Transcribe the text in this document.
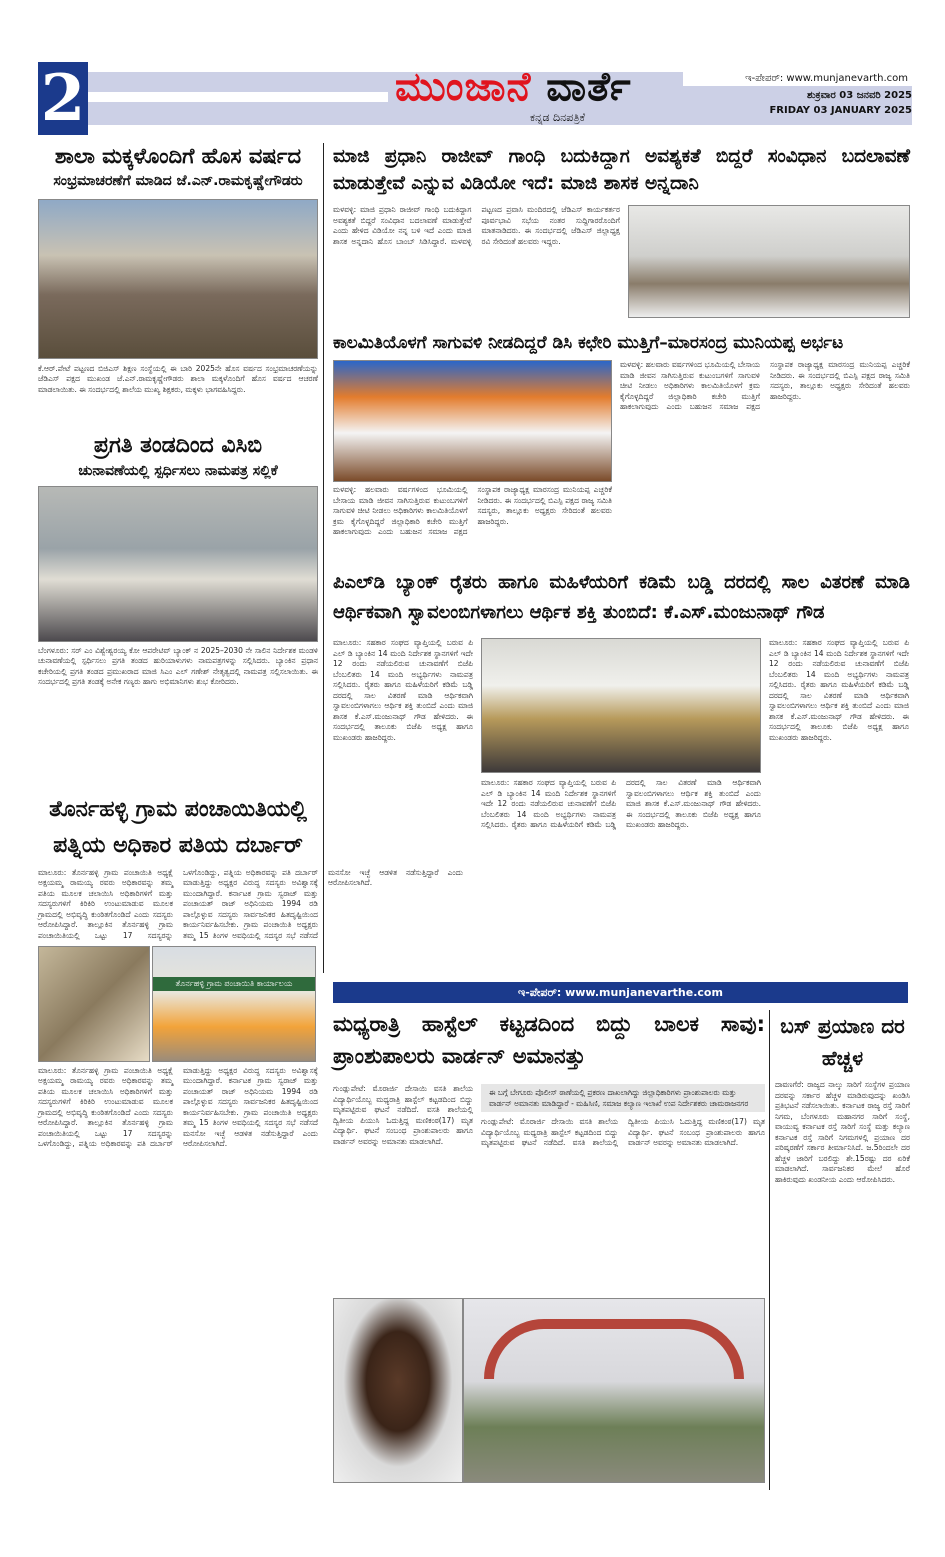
2	ಮುಂಜಾನೆ ವಾರ್ತೆ
ಕನ್ನಡ ದಿನಪತ್ರಿಕೆ
ಇ-ಪೇಪರ್: www.munjanevarth.com
ಶುಕ್ರವಾರ 03 ಜನವರಿ 2025
FRIDAY 03 JANUARY 2025
ಶಾಲಾ ಮಕ್ಕಳೊಂದಿಗೆ ಹೊಸ ವರ್ಷದ
ಸಂಭ್ರಮಾಚರಣೆಗೆ ಮಾಡಿದ ಜೆ.ಎನ್.ರಾಮಕೃಷ್ಣೇಗೌಡರು
ಕೆ.ಆರ್.ಪೇಟೆ ಪಟ್ಟಣದ ಬಿಜಿಎಸ್ ಶಿಕ್ಷಣ ಸಂಸ್ಥೆಯಲ್ಲಿ ಈ ಬಾರಿ 2025ನೇ ಹೊಸ ವರ್ಷದ ಸಂಭ್ರಮಾಚರಣೆಯನ್ನು ಜೆಡಿಎಸ್ ಪಕ್ಷದ ಮುಖಂಡ ಜೆ.ಎನ್.ರಾಮಕೃಷ್ಣೇಗೌಡರು ಶಾಲಾ ಮಕ್ಕಳೊಂದಿಗೆ ಹೊಸ ವರ್ಷದ ಆಚರಣೆ ಮಾಡಲಾಯಿತು. ಈ ಸಂದರ್ಭದಲ್ಲಿ ಶಾಲೆಯ ಮುಖ್ಯ ಶಿಕ್ಷಕರು, ಮಕ್ಕಳು ಭಾಗವಹಿಸಿದ್ದರು.
ಪ್ರಗತಿ ತಂಡದಿಂದ ವಿಸಿಬಿ
ಚುನಾವಣೆಯಲ್ಲಿ ಸ್ಪರ್ಧಿಸಲು ನಾಮಪತ್ರ ಸಲ್ಲಿಕೆ
ಬೆಂಗಳೂರು: ಸರ್ ಎಂ ವಿಶ್ವೇಶ್ವರಯ್ಯ ಕೋ ಆಪರೇಟಿವ್ ಬ್ಯಾಂಕ್ ನ 2025–2030 ನೇ ಸಾಲಿನ ನಿರ್ದೇಶಕ ಮಂಡಳಿ ಚುನಾವಣೆಯಲ್ಲಿ ಸ್ಪರ್ಧಿಸಲು ಪ್ರಗತಿ ತಂಡದ ಹುರಿಯಾಳುಗಳು ನಾಮಪತ್ರಗಳನ್ನು ಸಲ್ಲಿಸಿದರು. ಬ್ಯಾಂಕಿನ ಪ್ರಧಾನ ಕಚೇರಿಯಲ್ಲಿ ಪ್ರಗತಿ ತಂಡದ ಪ್ರಮುಖರಾದ ಮಾಜಿ ಸಿಎಂ ಎಲ್ ಗಣೇಶ್ ನೇತೃತ್ವದಲ್ಲಿ ನಾಮಪತ್ರ ಸಲ್ಲಿಸಲಾಯಿತು. ಈ ಸಂದರ್ಭದಲ್ಲಿ ಪ್ರಗತಿ ತಂಡಕ್ಕೆ ಅನೇಕ ಗಣ್ಯರು ಹಾಗು ಅಭಿಮಾನಿಗಳು ಶುಭ ಕೋರಿದರು.
ತೊರ್ನಹಳ್ಳಿ ಗ್ರಾಮ ಪಂಚಾಯಿತಿಯಲ್ಲಿ ಪತ್ನಿಯ ಅಧಿಕಾರ ಪತಿಯ ದರ್ಬಾರ್
ಮಾಲೂರು: ತೊರ್ನಹಳ್ಳಿ ಗ್ರಾಮ ಪಂಚಾಯಿತಿ ಅಧ್ಯಕ್ಷೆ ಅಕ್ಷಯಮ್ಮ ರಾಮಯ್ಯ ರವರು ಅಧಿಕಾರವನ್ನು ತಮ್ಮ ಪತಿಯ ಮೂಲಕ ಚಲಾಯಿಸಿ ಅಧಿಕಾರಿಗಳಿಗೆ ಮತ್ತು ಸದಸ್ಯರುಗಳಿಗೆ ಕಿರಿಕಿರಿ ಉಂಟುಮಾಡುವ ಮೂಲಕ ಗ್ರಾಮದಲ್ಲಿ ಅಭಿವೃದ್ಧಿ ಕುಂಠಿತಗೊಂಡಿದೆ ಎಂದು ಸದಸ್ಯರು ಆರೋಪಿಸಿದ್ದಾರೆ. ತಾಲ್ಲೂಕಿನ ತೊರ್ನಹಳ್ಳಿ ಗ್ರಾಮ ಪಂಚಾಯಿತಿಯಲ್ಲಿ ಒಟ್ಟು 17 ಸದಸ್ಯರನ್ನು ಒಳಗೊಂಡಿದ್ದು, ಪತ್ನಿಯ ಅಧಿಕಾರವನ್ನು ಪತಿ ದರ್ಬಾರ್ ಮಾಡುತ್ತಿದ್ದು ಅಧ್ಯಕ್ಷರ ವಿರುದ್ಧ ಸದಸ್ಯರು ಅವಿಶ್ವಾಸಕ್ಕೆ ಮುಂದಾಗಿದ್ದಾರೆ. ಕರ್ನಾಟಕ ಗ್ರಾಮ ಸ್ವರಾಜ್ ಮತ್ತು ಪಂಚಾಯತ್ ರಾಜ್ ಅಧಿನಿಯಮ 1994 ರಡಿ ಪಾಲ್ಗೊಳ್ಳುವ ಸದಸ್ಯರು ಸಾರ್ವಜನಿಕರ ಹಿತದೃಷ್ಟಿಯಿಂದ ಕಾರ್ಯನಿರ್ವಹಿಸಬೇಕು. ಗ್ರಾಮ ಪಂಚಾಯಿತಿ ಅಧ್ಯಕ್ಷರು ತಮ್ಮ 15 ತಿಂಗಳ ಅವಧಿಯಲ್ಲಿ ಸದಸ್ಯರ ಸಭೆ ನಡೆಸದೆ ಮನಸೋ ಇಚ್ಛೆ ಆಡಳಿತ ನಡೆಸುತ್ತಿದ್ದಾರೆ ಎಂದು ಆರೋಪಿಸಲಾಗಿದೆ.
ತೊರ್ನಹಳ್ಳಿ ಗ್ರಾಮ ಪಂಚಾಯಿತಿ ಕಾರ್ಯಾಲಯ
ಮಾಲೂರು: ತೊರ್ನಹಳ್ಳಿ ಗ್ರಾಮ ಪಂಚಾಯಿತಿ ಅಧ್ಯಕ್ಷೆ ಅಕ್ಷಯಮ್ಮ ರಾಮಯ್ಯ ರವರು ಅಧಿಕಾರವನ್ನು ತಮ್ಮ ಪತಿಯ ಮೂಲಕ ಚಲಾಯಿಸಿ ಅಧಿಕಾರಿಗಳಿಗೆ ಮತ್ತು ಸದಸ್ಯರುಗಳಿಗೆ ಕಿರಿಕಿರಿ ಉಂಟುಮಾಡುವ ಮೂಲಕ ಗ್ರಾಮದಲ್ಲಿ ಅಭಿವೃದ್ಧಿ ಕುಂಠಿತಗೊಂಡಿದೆ ಎಂದು ಸದಸ್ಯರು ಆರೋಪಿಸಿದ್ದಾರೆ. ತಾಲ್ಲೂಕಿನ ತೊರ್ನಹಳ್ಳಿ ಗ್ರಾಮ ಪಂಚಾಯಿತಿಯಲ್ಲಿ ಒಟ್ಟು 17 ಸದಸ್ಯರನ್ನು ಒಳಗೊಂಡಿದ್ದು, ಪತ್ನಿಯ ಅಧಿಕಾರವನ್ನು ಪತಿ ದರ್ಬಾರ್ ಮಾಡುತ್ತಿದ್ದು ಅಧ್ಯಕ್ಷರ ವಿರುದ್ಧ ಸದಸ್ಯರು ಅವಿಶ್ವಾಸಕ್ಕೆ ಮುಂದಾಗಿದ್ದಾರೆ. ಕರ್ನಾಟಕ ಗ್ರಾಮ ಸ್ವರಾಜ್ ಮತ್ತು ಪಂಚಾಯತ್ ರಾಜ್ ಅಧಿನಿಯಮ 1994 ರಡಿ ಪಾಲ್ಗೊಳ್ಳುವ ಸದಸ್ಯರು ಸಾರ್ವಜನಿಕರ ಹಿತದೃಷ್ಟಿಯಿಂದ ಕಾರ್ಯನಿರ್ವಹಿಸಬೇಕು. ಗ್ರಾಮ ಪಂಚಾಯಿತಿ ಅಧ್ಯಕ್ಷರು ತಮ್ಮ 15 ತಿಂಗಳ ಅವಧಿಯಲ್ಲಿ ಸದಸ್ಯರ ಸಭೆ ನಡೆಸದೆ ಮನಸೋ ಇಚ್ಛೆ ಆಡಳಿತ ನಡೆಸುತ್ತಿದ್ದಾರೆ ಎಂದು ಆರೋಪಿಸಲಾಗಿದೆ.
ಮಾಜಿ ಪ್ರಧಾನಿ ರಾಜೀವ್ ಗಾಂಧಿ ಬದುಕಿದ್ದಾಗ ಅವಶ್ಯಕತೆ ಬಿದ್ದರೆ ಸಂವಿಧಾನ ಬದಲಾವಣೆ ಮಾಡುತ್ತೇವೆ ಎನ್ನುವ ವಿಡಿಯೋ ಇದೆ: ಮಾಜಿ ಶಾಸಕ ಅನ್ನದಾನಿ
ಮಳವಳ್ಳಿ: ಮಾಜಿ ಪ್ರಧಾನಿ ರಾಜೀವ್ ಗಾಂಧಿ ಬದುಕಿದ್ದಾಗ ಅವಶ್ಯಕತೆ ಬಿದ್ದರೆ ಸಂವಿಧಾನ ಬದಲಾವಣೆ ಮಾಡುತ್ತೇವೆ ಎಂದು ಹೇಳಿದ ವಿಡಿಯೋ ನನ್ನ ಬಳಿ ಇದೆ ಎಂದು ಮಾಜಿ ಶಾಸಕ ಅನ್ನದಾನಿ ಹೊಸ ಬಾಂಬ್ ಸಿಡಿಸಿದ್ದಾರೆ. ಮಳವಳ್ಳಿ ಪಟ್ಟಣದ ಪ್ರವಾಸಿ ಮಂದಿರದಲ್ಲಿ ಜೆಡಿಎಸ್ ಕಾರ್ಯಕರ್ತರ ಪೂರ್ವಭಾವಿ ಸಭೆಯ ನಂತರ ಸುದ್ದಿಗಾರರೊಂದಿಗೆ ಮಾತನಾಡಿದರು. ಈ ಸಂದರ್ಭದಲ್ಲಿ ಜೆಡಿಎಸ್ ಜಿಲ್ಲಾಧ್ಯಕ್ಷ ರವಿ ಸೇರಿದಂತೆ ಹಲವರು ಇದ್ದರು.
ಕಾಲಮಿತಿಯೊಳಗೆ ಸಾಗುವಳಿ ನೀಡದಿದ್ದರೆ ಡಿಸಿ ಕಛೇರಿ ಮುತ್ತಿಗೆ–ಮಾರಸಂದ್ರ ಮುನಿಯಪ್ಪ ಅರ್ಭಟ
ಮಳವಳ್ಳಿ: ಹಲವಾರು ವರ್ಷಗಳಿಂದ ಭೂಮಿಯಲ್ಲಿ ಬೇಸಾಯ ಮಾಡಿ ಜೀವನ ಸಾಗಿಸುತ್ತಿರುವ ಕುಟುಂಬಗಳಿಗೆ ಸಾಗುವಳಿ ಚೀಟಿ ನೀಡಲು ಅಧಿಕಾರಿಗಳು ಕಾಲಮಿತಿಯೊಳಗೆ ಕ್ರಮ ಕೈಗೊಳ್ಳದಿದ್ದರೆ ಜಿಲ್ಲಾಧಿಕಾರಿ ಕಚೇರಿ ಮುತ್ತಿಗೆ ಹಾಕಲಾಗುವುದು ಎಂದು ಬಹುಜನ ಸಮಾಜ ಪಕ್ಷದ ಸಂಸ್ಥಾಪಕ ರಾಜ್ಯಾಧ್ಯಕ್ಷ ಮಾರಸಂದ್ರ ಮುನಿಯಪ್ಪ ಎಚ್ಚರಿಕೆ ನೀಡಿದರು. ಈ ಸಂದರ್ಭದಲ್ಲಿ ಬಿಎಸ್ಪಿ ಪಕ್ಷದ ರಾಜ್ಯ ಸಮಿತಿ ಸದಸ್ಯರು, ತಾಲ್ಲೂಕು ಅಧ್ಯಕ್ಷರು ಸೇರಿದಂತೆ ಹಲವರು ಹಾಜರಿದ್ದರು.
ಮಳವಳ್ಳಿ: ಹಲವಾರು ವರ್ಷಗಳಿಂದ ಭೂಮಿಯಲ್ಲಿ ಬೇಸಾಯ ಮಾಡಿ ಜೀವನ ಸಾಗಿಸುತ್ತಿರುವ ಕುಟುಂಬಗಳಿಗೆ ಸಾಗುವಳಿ ಚೀಟಿ ನೀಡಲು ಅಧಿಕಾರಿಗಳು ಕಾಲಮಿತಿಯೊಳಗೆ ಕ್ರಮ ಕೈಗೊಳ್ಳದಿದ್ದರೆ ಜಿಲ್ಲಾಧಿಕಾರಿ ಕಚೇರಿ ಮುತ್ತಿಗೆ ಹಾಕಲಾಗುವುದು ಎಂದು ಬಹುಜನ ಸಮಾಜ ಪಕ್ಷದ ಸಂಸ್ಥಾಪಕ ರಾಜ್ಯಾಧ್ಯಕ್ಷ ಮಾರಸಂದ್ರ ಮುನಿಯಪ್ಪ ಎಚ್ಚರಿಕೆ ನೀಡಿದರು. ಈ ಸಂದರ್ಭದಲ್ಲಿ ಬಿಎಸ್ಪಿ ಪಕ್ಷದ ರಾಜ್ಯ ಸಮಿತಿ ಸದಸ್ಯರು, ತಾಲ್ಲೂಕು ಅಧ್ಯಕ್ಷರು ಸೇರಿದಂತೆ ಹಲವರು ಹಾಜರಿದ್ದರು.
ಪಿಎಲ್‌ಡಿ ಬ್ಯಾಂಕ್ ರೈತರು ಹಾಗೂ ಮಹಿಳೆಯರಿಗೆ ಕಡಿಮೆ ಬಡ್ಡಿ ದರದಲ್ಲಿ ಸಾಲ ವಿತರಣೆ ಮಾಡಿ ಆರ್ಥಿಕವಾಗಿ ಸ್ವಾವಲಂಬಿಗಳಾಗಲು ಆರ್ಥಿಕ ಶಕ್ತಿ ತುಂಬಿದೆ: ಕೆ.ಎಸ್.ಮಂಜುನಾಥ್ ಗೌಡ
ಮಾಲೂರು: ಸಹಕಾರ ಸಂಘದ ವ್ಯಾಪ್ತಿಯಲ್ಲಿ ಬರುವ ಪಿ ಎಲ್ ಡಿ ಬ್ಯಾಂಕಿನ 14 ಮಂದಿ ನಿರ್ದೇಶಕ ಸ್ಥಾನಗಳಿಗೆ ಇದೇ 12 ರಂದು ನಡೆಯಲಿರುವ ಚುನಾವಣೆಗೆ ಬಿಜೆಪಿ ಬೆಂಬಲಿತರು 14 ಮಂದಿ ಅಭ್ಯರ್ಥಿಗಳು ನಾಮಪತ್ರ ಸಲ್ಲಿಸಿದರು. ರೈತರು ಹಾಗೂ ಮಹಿಳೆಯರಿಗೆ ಕಡಿಮೆ ಬಡ್ಡಿ ದರದಲ್ಲಿ ಸಾಲ ವಿತರಣೆ ಮಾಡಿ ಆರ್ಥಿಕವಾಗಿ ಸ್ವಾವಲಂಬಿಗಳಾಗಲು ಆರ್ಥಿಕ ಶಕ್ತಿ ತುಂಬಿದೆ ಎಂದು ಮಾಜಿ ಶಾಸಕ ಕೆ.ಎಸ್.ಮಂಜುನಾಥ್ ಗೌಡ ಹೇಳಿದರು. ಈ ಸಂದರ್ಭದಲ್ಲಿ ತಾಲೂಕು ಬಿಜೆಪಿ ಅಧ್ಯಕ್ಷ ಹಾಗೂ ಮುಖಂಡರು ಹಾಜರಿದ್ದರು.
ಮಾಲೂರು: ಸಹಕಾರ ಸಂಘದ ವ್ಯಾಪ್ತಿಯಲ್ಲಿ ಬರುವ ಪಿ ಎಲ್ ಡಿ ಬ್ಯಾಂಕಿನ 14 ಮಂದಿ ನಿರ್ದೇಶಕ ಸ್ಥಾನಗಳಿಗೆ ಇದೇ 12 ರಂದು ನಡೆಯಲಿರುವ ಚುನಾವಣೆಗೆ ಬಿಜೆಪಿ ಬೆಂಬಲಿತರು 14 ಮಂದಿ ಅಭ್ಯರ್ಥಿಗಳು ನಾಮಪತ್ರ ಸಲ್ಲಿಸಿದರು. ರೈತರು ಹಾಗೂ ಮಹಿಳೆಯರಿಗೆ ಕಡಿಮೆ ಬಡ್ಡಿ ದರದಲ್ಲಿ ಸಾಲ ವಿತರಣೆ ಮಾಡಿ ಆರ್ಥಿಕವಾಗಿ ಸ್ವಾವಲಂಬಿಗಳಾಗಲು ಆರ್ಥಿಕ ಶಕ್ತಿ ತುಂಬಿದೆ ಎಂದು ಮಾಜಿ ಶಾಸಕ ಕೆ.ಎಸ್.ಮಂಜುನಾಥ್ ಗೌಡ ಹೇಳಿದರು. ಈ ಸಂದರ್ಭದಲ್ಲಿ ತಾಲೂಕು ಬಿಜೆಪಿ ಅಧ್ಯಕ್ಷ ಹಾಗೂ ಮುಖಂಡರು ಹಾಜರಿದ್ದರು.
ಮಾಲೂರು: ಸಹಕಾರ ಸಂಘದ ವ್ಯಾಪ್ತಿಯಲ್ಲಿ ಬರುವ ಪಿ ಎಲ್ ಡಿ ಬ್ಯಾಂಕಿನ 14 ಮಂದಿ ನಿರ್ದೇಶಕ ಸ್ಥಾನಗಳಿಗೆ ಇದೇ 12 ರಂದು ನಡೆಯಲಿರುವ ಚುನಾವಣೆಗೆ ಬಿಜೆಪಿ ಬೆಂಬಲಿತರು 14 ಮಂದಿ ಅಭ್ಯರ್ಥಿಗಳು ನಾಮಪತ್ರ ಸಲ್ಲಿಸಿದರು. ರೈತರು ಹಾಗೂ ಮಹಿಳೆಯರಿಗೆ ಕಡಿಮೆ ಬಡ್ಡಿ ದರದಲ್ಲಿ ಸಾಲ ವಿತರಣೆ ಮಾಡಿ ಆರ್ಥಿಕವಾಗಿ ಸ್ವಾವಲಂಬಿಗಳಾಗಲು ಆರ್ಥಿಕ ಶಕ್ತಿ ತುಂಬಿದೆ ಎಂದು ಮಾಜಿ ಶಾಸಕ ಕೆ.ಎಸ್.ಮಂಜುನಾಥ್ ಗೌಡ ಹೇಳಿದರು. ಈ ಸಂದರ್ಭದಲ್ಲಿ ತಾಲೂಕು ಬಿಜೆಪಿ ಅಧ್ಯಕ್ಷ ಹಾಗೂ ಮುಖಂಡರು ಹಾಜರಿದ್ದರು.
ಇ-ಪೇಪರ್: www.munjanevarthe.com
ಮಧ್ಯರಾತ್ರಿ ಹಾಸ್ಟೆಲ್ ಕಟ್ಟಡದಿಂದ ಬಿದ್ದು ಬಾಲಕ ಸಾವು: ಪ್ರಾಂಶುಪಾಲರು ವಾರ್ಡನ್ ಅಮಾನತ್ತು
ಗುಂಡ್ಲುಪೇಟೆ: ಮೊರಾರ್ಜಿ ದೇಸಾಯಿ ವಸತಿ ಶಾಲೆಯ ವಿದ್ಯಾರ್ಥಿಯೊಬ್ಬ ಮಧ್ಯರಾತ್ರಿ ಹಾಸ್ಟೆಲ್ ಕಟ್ಟಡದಿಂದ ಬಿದ್ದು ಮೃತಪಟ್ಟಿರುವ ಘಟನೆ ನಡೆದಿದೆ. ವಸತಿ ಶಾಲೆಯಲ್ಲಿ ದ್ವಿತೀಯ ಪಿಯುಸಿ ಓದುತ್ತಿದ್ದ ಮಣಿಕಂಠ(17) ಮೃತ ವಿದ್ಯಾರ್ಥಿ. ಘಟನೆ ಸಂಬಂಧ ಪ್ರಾಂಶುಪಾಲರು ಹಾಗೂ ವಾರ್ಡನ್ ಅವರನ್ನು ಅಮಾನತು ಮಾಡಲಾಗಿದೆ.
ಈ ಬಗ್ಗೆ ಬೇಗೂರು ಪೊಲೀಸ್ ಠಾಣೆಯಲ್ಲಿ ಪ್ರಕರಣ ದಾಖಲಾಗಿದ್ದು ಜಿಲ್ಲಾಧಿಕಾರಿಗಳು ಪ್ರಾಂಶುಪಾಲರು ಮತ್ತು ವಾರ್ಡನ್ ಅಮಾನತು ಮಾಡಿದ್ದಾರೆ - ಮಹಿಸಿಣಿ, ಸಮಾಜ ಕಲ್ಯಾಣ ಇಲಾಖೆ ಉಪ ನಿರ್ದೇಶಕರು ಚಾಮರಾಜನಗರ
ಗುಂಡ್ಲುಪೇಟೆ: ಮೊರಾರ್ಜಿ ದೇಸಾಯಿ ವಸತಿ ಶಾಲೆಯ ವಿದ್ಯಾರ್ಥಿಯೊಬ್ಬ ಮಧ್ಯರಾತ್ರಿ ಹಾಸ್ಟೆಲ್ ಕಟ್ಟಡದಿಂದ ಬಿದ್ದು ಮೃತಪಟ್ಟಿರುವ ಘಟನೆ ನಡೆದಿದೆ. ವಸತಿ ಶಾಲೆಯಲ್ಲಿ ದ್ವಿತೀಯ ಪಿಯುಸಿ ಓದುತ್ತಿದ್ದ ಮಣಿಕಂಠ(17) ಮೃತ ವಿದ್ಯಾರ್ಥಿ. ಘಟನೆ ಸಂಬಂಧ ಪ್ರಾಂಶುಪಾಲರು ಹಾಗೂ ವಾರ್ಡನ್ ಅವರನ್ನು ಅಮಾನತು ಮಾಡಲಾಗಿದೆ.
ಬಸ್ ಪ್ರಯಾಣ ದರ ಹೆಚ್ಚಳ
ದಾವಣಗೆರೆ: ರಾಜ್ಯದ ನಾಲ್ಕು ಸಾರಿಗೆ ಸಂಸ್ಥೆಗಳ ಪ್ರಯಾಣ ದರವನ್ನು ಸರ್ಕಾರ ಹೆಚ್ಚಳ ಮಾಡಿರುವುದನ್ನು ಖಂಡಿಸಿ ಪ್ರತಿಭಟನೆ ನಡೆಸಲಾಯಿತು. ಕರ್ನಾಟಕ ರಾಜ್ಯ ರಸ್ತೆ ಸಾರಿಗೆ ನಿಗಮ, ಬೆಂಗಳೂರು ಮಹಾನಗರ ಸಾರಿಗೆ ಸಂಸ್ಥೆ, ವಾಯುವ್ಯ ಕರ್ನಾಟಕ ರಸ್ತೆ ಸಾರಿಗೆ ಸಂಸ್ಥೆ ಮತ್ತು ಕಲ್ಯಾಣ ಕರ್ನಾಟಕ ರಸ್ತೆ ಸಾರಿಗೆ ನಿಗಮಗಳಲ್ಲಿ ಪ್ರಯಾಣ ದರ ಪರಿಷ್ಕರಣೆಗೆ ಸರ್ಕಾರ ತೀರ್ಮಾನಿಸಿದೆ. ಜ.5ರಿಂದಲೇ ದರ ಹೆಚ್ಚಳ ಜಾರಿಗೆ ಬರಲಿದ್ದು ಶೇ.15ರಷ್ಟು ದರ ಏರಿಕೆ ಮಾಡಲಾಗಿದೆ. ಸಾರ್ವಜನಿಕರ ಮೇಲೆ ಹೊರೆ ಹಾಕಿರುವುದು ಖಂಡನೀಯ ಎಂದು ಆರೋಪಿಸಿದರು.
